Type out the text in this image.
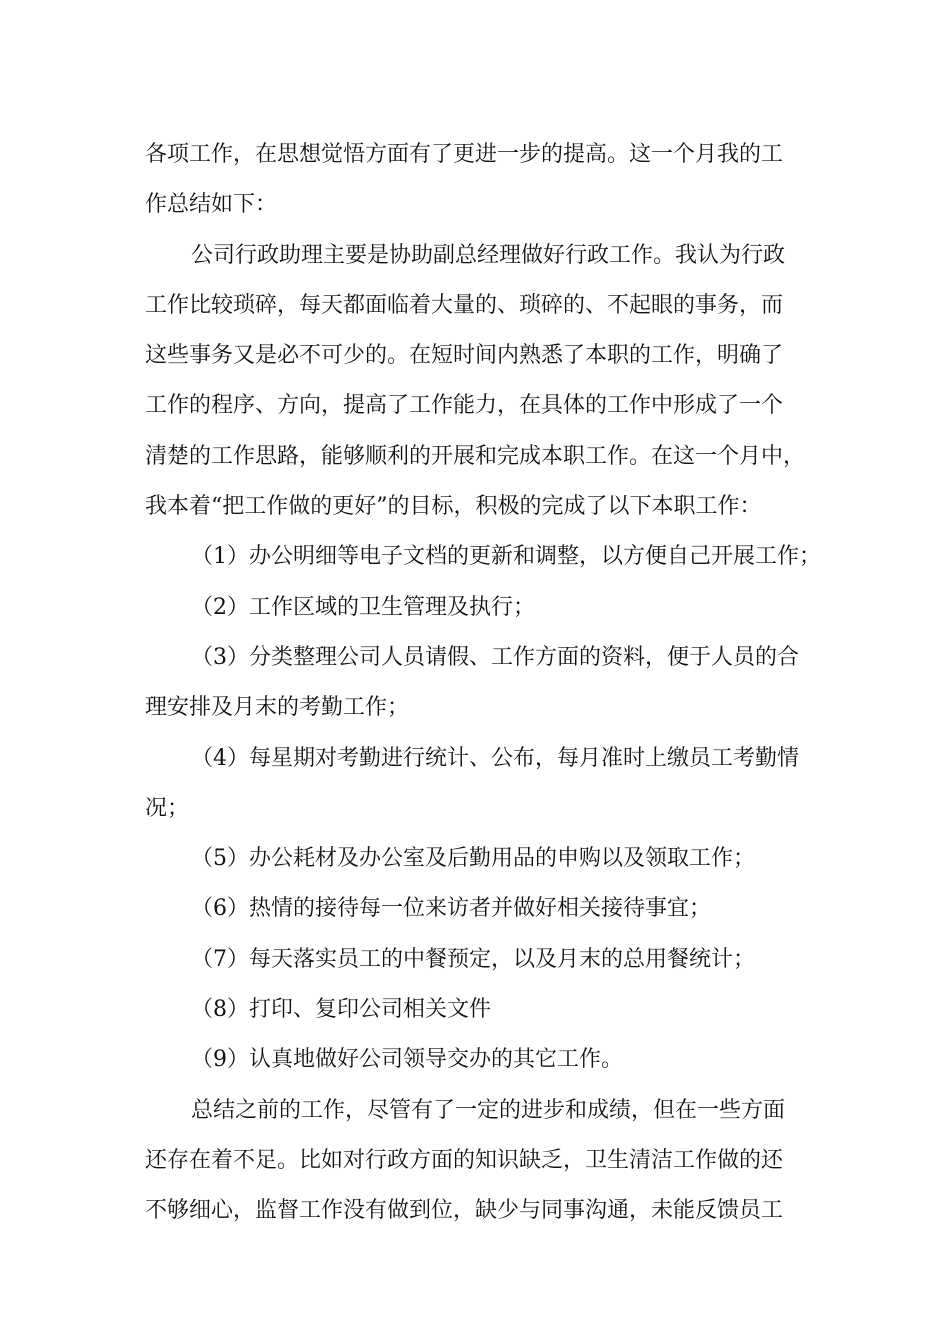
各项工作，在思想觉悟方面有了更进一步的提高。这一个月我的工
作总结如下：
公司行政助理主要是协助副总经理做好行政工作。我认为行政
工作比较琐碎，每天都面临着大量的、琐碎的、不起眼的事务，而
这些事务又是必不可少的。在短时间内熟悉了本职的工作，明确了
工作的程序、方向，提高了工作能力，在具体的工作中形成了一个
清楚的工作思路，能够顺利的开展和完成本职工作。在这一个月中，
我本着“把工作做的更好”的目标，积极的完成了以下本职工作：
（1）办公明细等电子文档的更新和调整，以方便自己开展工作；
（2）工作区域的卫生管理及执行；
（3）分类整理公司人员请假、工作方面的资料，便于人员的合
理安排及月末的考勤工作；
（4）每星期对考勤进行统计、公布，每月准时上缴员工考勤情
况；
（5）办公耗材及办公室及后勤用品的申购以及领取工作；
（6）热情的接待每一位来访者并做好相关接待事宜；
（7）每天落实员工的中餐预定，以及月末的总用餐统计；
（8）打印、复印公司相关文件
（9）认真地做好公司领导交办的其它工作。
总结之前的工作，尽管有了一定的进步和成绩，但在一些方面
还存在着不足。比如对行政方面的知识缺乏，卫生清洁工作做的还
不够细心，监督工作没有做到位，缺少与同事沟通，未能反馈员工
